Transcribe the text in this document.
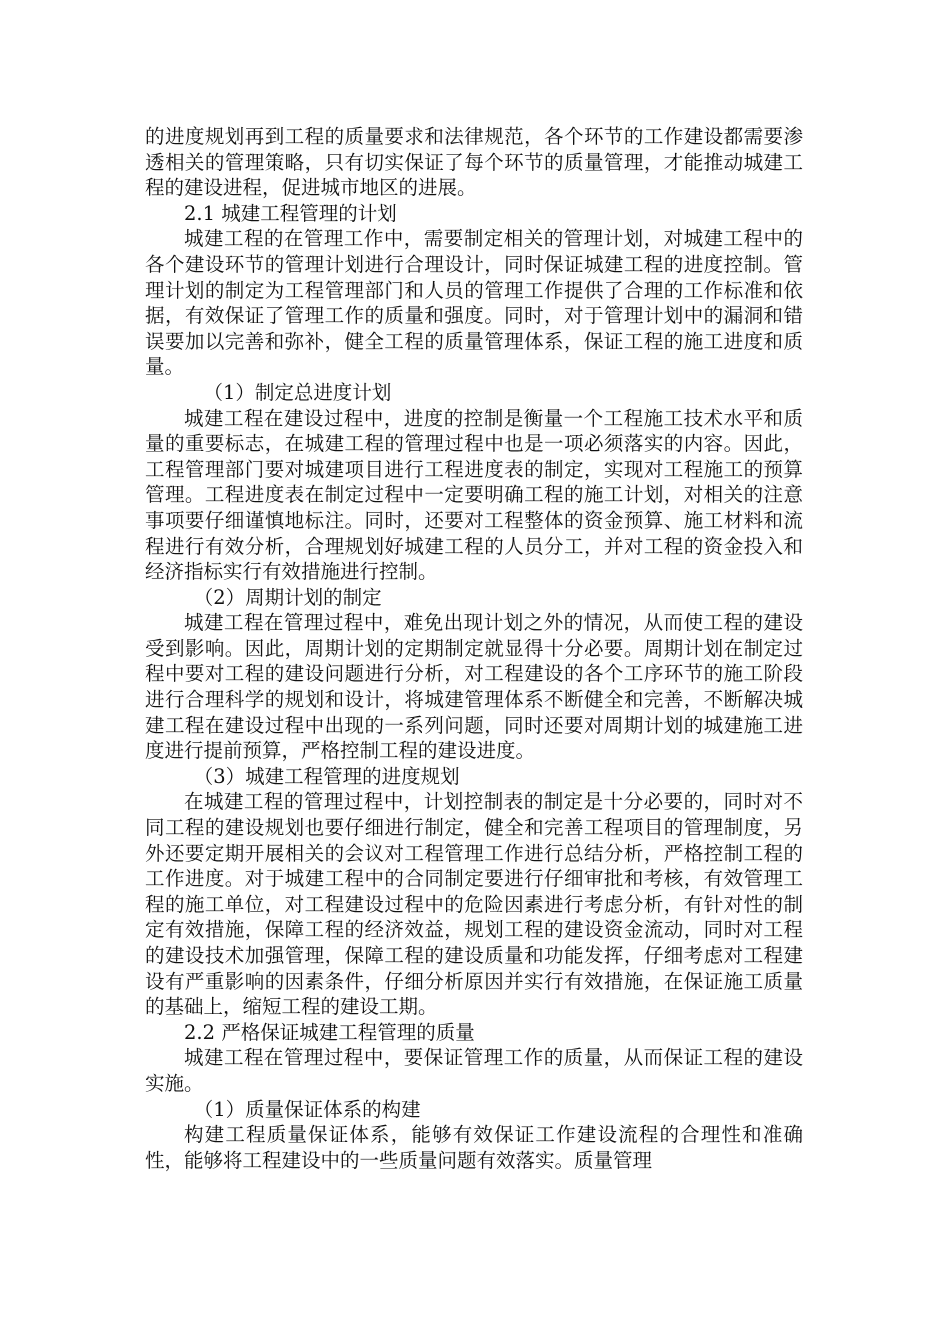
的进度规划再到工程的质量要求和法律规范，各个环节的工作建设都需要渗透相关的管理策略，只有切实保证了每个环节的质量管理，才能推动城建工程的建设进程，促进城市地区的进展。

2.1 城建工程管理的计划

城建工程的在管理工作中，需要制定相关的管理计划，对城建工程中的各个建设环节的管理计划进行合理设计，同时保证城建工程的进度控制。管理计划的制定为工程管理部门和人员的管理工作提供了合理的工作标准和依据，有效保证了管理工作的质量和强度。同时，对于管理计划中的漏洞和错误要加以完善和弥补，健全工程的质量管理体系，保证工程的施工进度和质量。

（1）制定总进度计划

城建工程在建设过程中，进度的控制是衡量一个工程施工技术水平和质量的重要标志，在城建工程的管理过程中也是一项必须落实的内容。因此，工程管理部门要对城建项目进行工程进度表的制定，实现对工程施工的预算管理。工程进度表在制定过程中一定要明确工程的施工计划，对相关的注意事项要仔细谨慎地标注。同时，还要对工程整体的资金预算、施工材料和流程进行有效分析，合理规划好城建工程的人员分工，并对工程的资金投入和经济指标实行有效措施进行控制。

（2）周期计划的制定

城建工程在管理过程中，难免出现计划之外的情况，从而使工程的建设受到影响。因此，周期计划的定期制定就显得十分必要。周期计划在制定过程中要对工程的建设问题进行分析，对工程建设的各个工序环节的施工阶段进行合理科学的规划和设计，将城建管理体系不断健全和完善，不断解决城建工程在建设过程中出现的一系列问题，同时还要对周期计划的城建施工进度进行提前预算，严格控制工程的建设进度。

（3）城建工程管理的进度规划

在城建工程的管理过程中，计划控制表的制定是十分必要的，同时对不同工程的建设规划也要仔细进行制定，健全和完善工程项目的管理制度，另外还要定期开展相关的会议对工程管理工作进行总结分析，严格控制工程的工作进度。对于城建工程中的合同制定要进行仔细审批和考核，有效管理工程的施工单位，对工程建设过程中的危险因素进行考虑分析，有针对性的制定有效措施，保障工程的经济效益，规划工程的建设资金流动，同时对工程的建设技术加强管理，保障工程的建设质量和功能发挥，仔细考虑对工程建设有严重影响的因素条件，仔细分析原因并实行有效措施，在保证施工质量的基础上，缩短工程的建设工期。

2.2 严格保证城建工程管理的质量

城建工程在管理过程中，要保证管理工作的质量，从而保证工程的建设实施。

（1）质量保证体系的构建

构建工程质量保证体系，能够有效保证工作建设流程的合理性和准确性，能够将工程建设中的一些质量问题有效落实。质量管理
